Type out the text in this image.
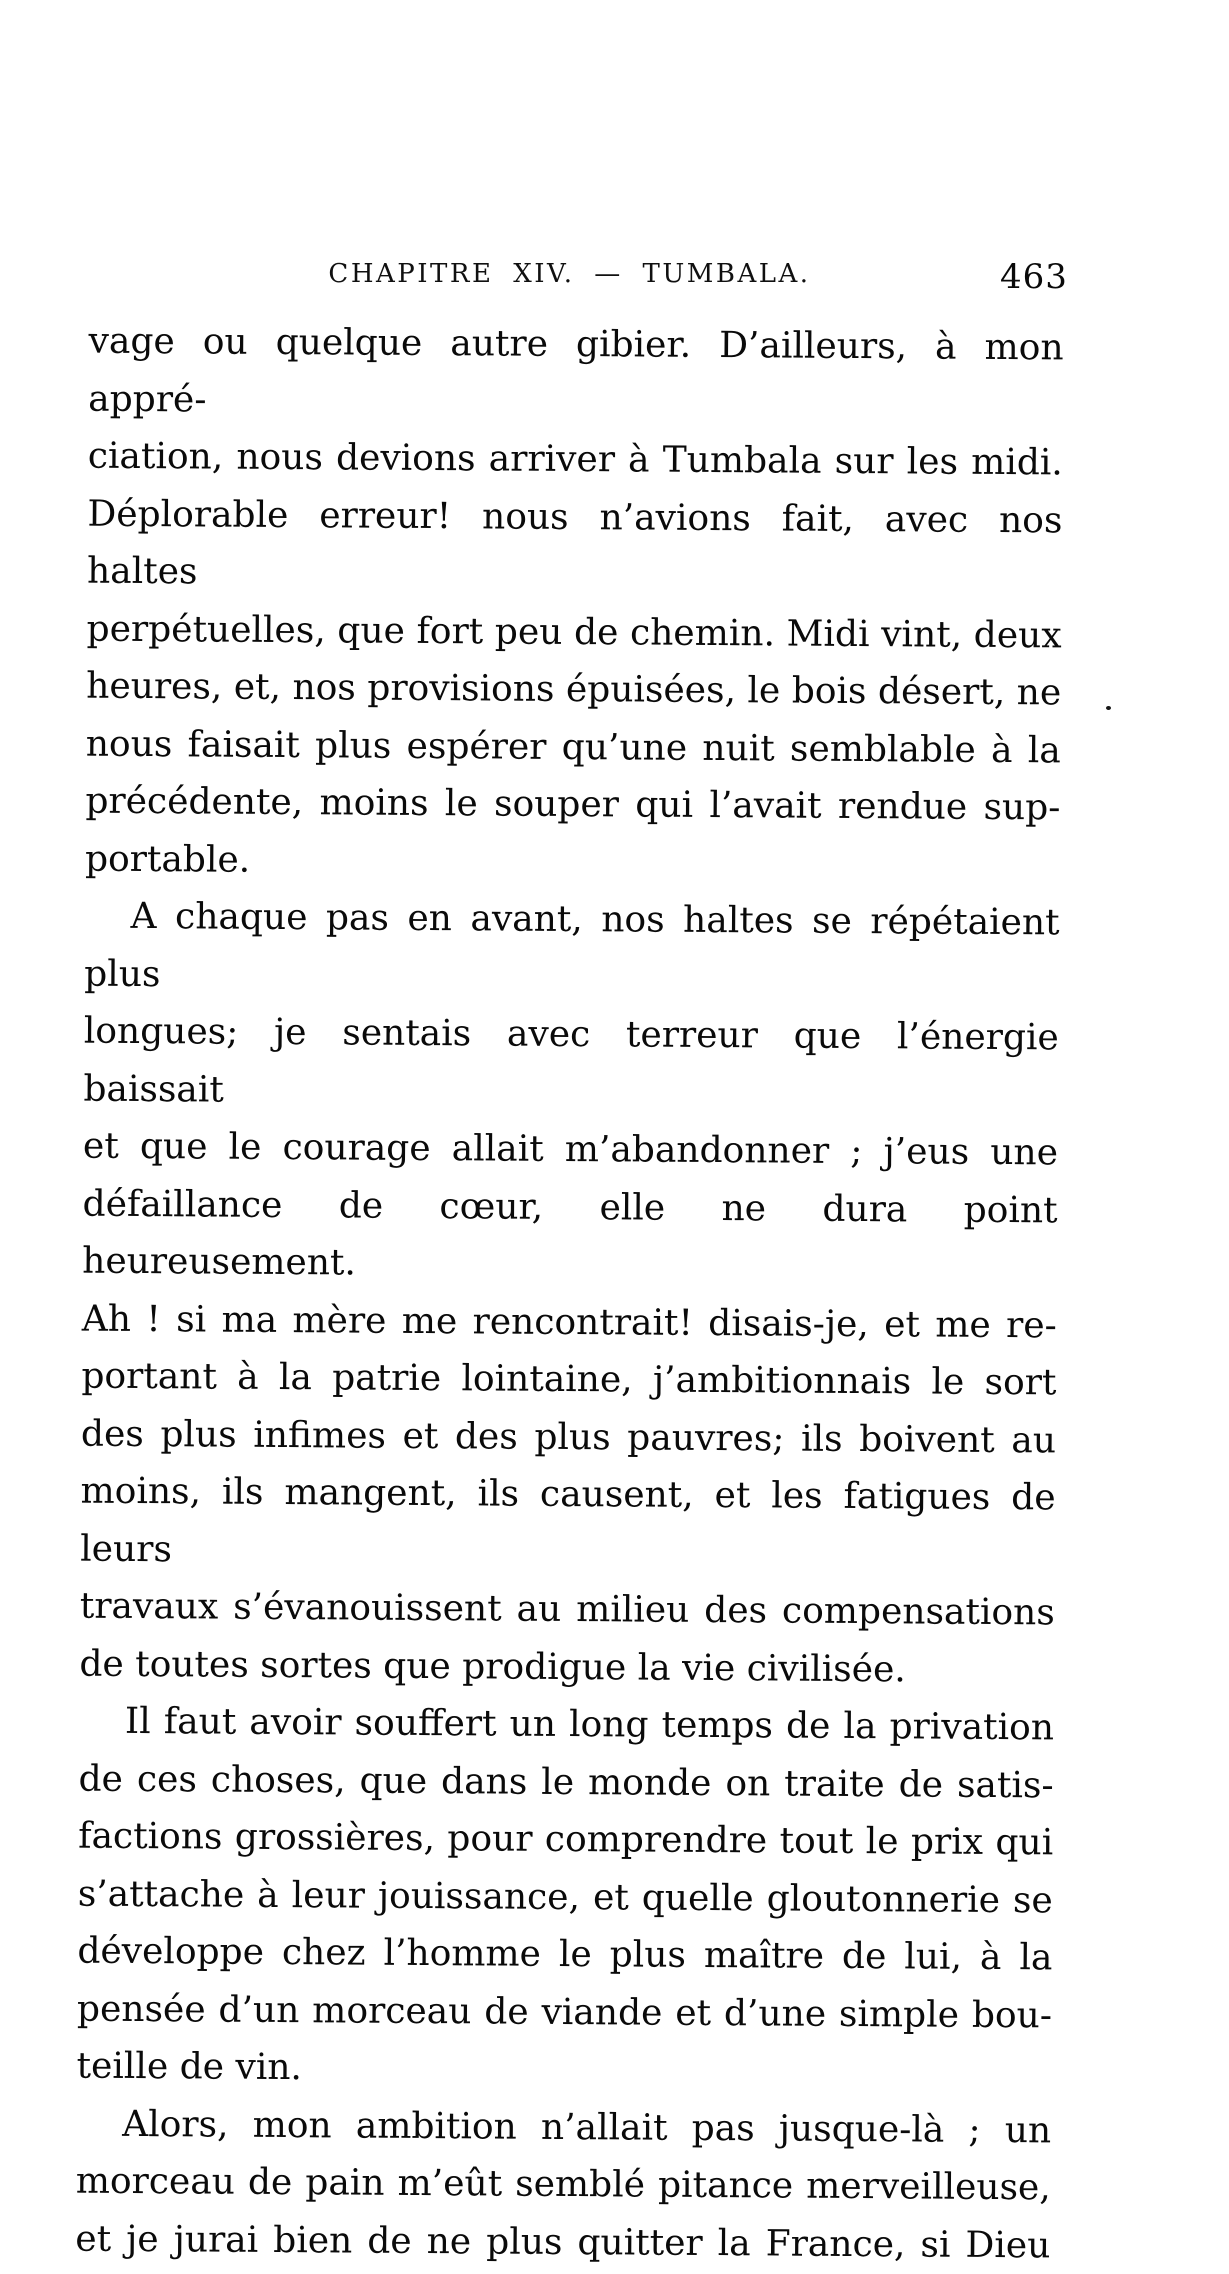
CHAPITRE XIV. — TUMBALA.	463
vage ou quelque autre gibier. D’ailleurs, à mon appré-
ciation, nous devions arriver à Tumbala sur les midi.
Déplorable erreur! nous n’avions fait, avec nos haltes
perpétuelles, que fort peu de chemin. Midi vint, deux
heures, et, nos provisions épuisées, le bois désert, ne
nous faisait plus espérer qu’une nuit semblable à la
précédente, moins le souper qui l’avait rendue sup-
portable.
A chaque pas en avant, nos haltes se répétaient plus
longues; je sentais avec terreur que l’énergie baissait
et que le courage allait m’abandonner ; j’eus une
défaillance de cœur, elle ne dura point heureusement.
Ah ! si ma mère me rencontrait! disais-je, et me re-
portant à la patrie lointaine, j’ambitionnais le sort
des plus infimes et des plus pauvres; ils boivent au
moins, ils mangent, ils causent, et les fatigues de leurs
travaux s’évanouissent au milieu des compensations
de toutes sortes que prodigue la vie civilisée.
Il faut avoir souffert un long temps de la privation
de ces choses, que dans le monde on traite de satis-
factions grossières, pour comprendre tout le prix qui
s’attache à leur jouissance, et quelle gloutonnerie se
développe chez l’homme le plus maître de lui, à la
pensée d’un morceau de viande et d’une simple bou-
teille de vin.
Alors, mon ambition n’allait pas jusque-là ; un
morceau de pain m’eût semblé pitance merveilleuse,
et je jurai bien de ne plus quitter la France, si Dieu
